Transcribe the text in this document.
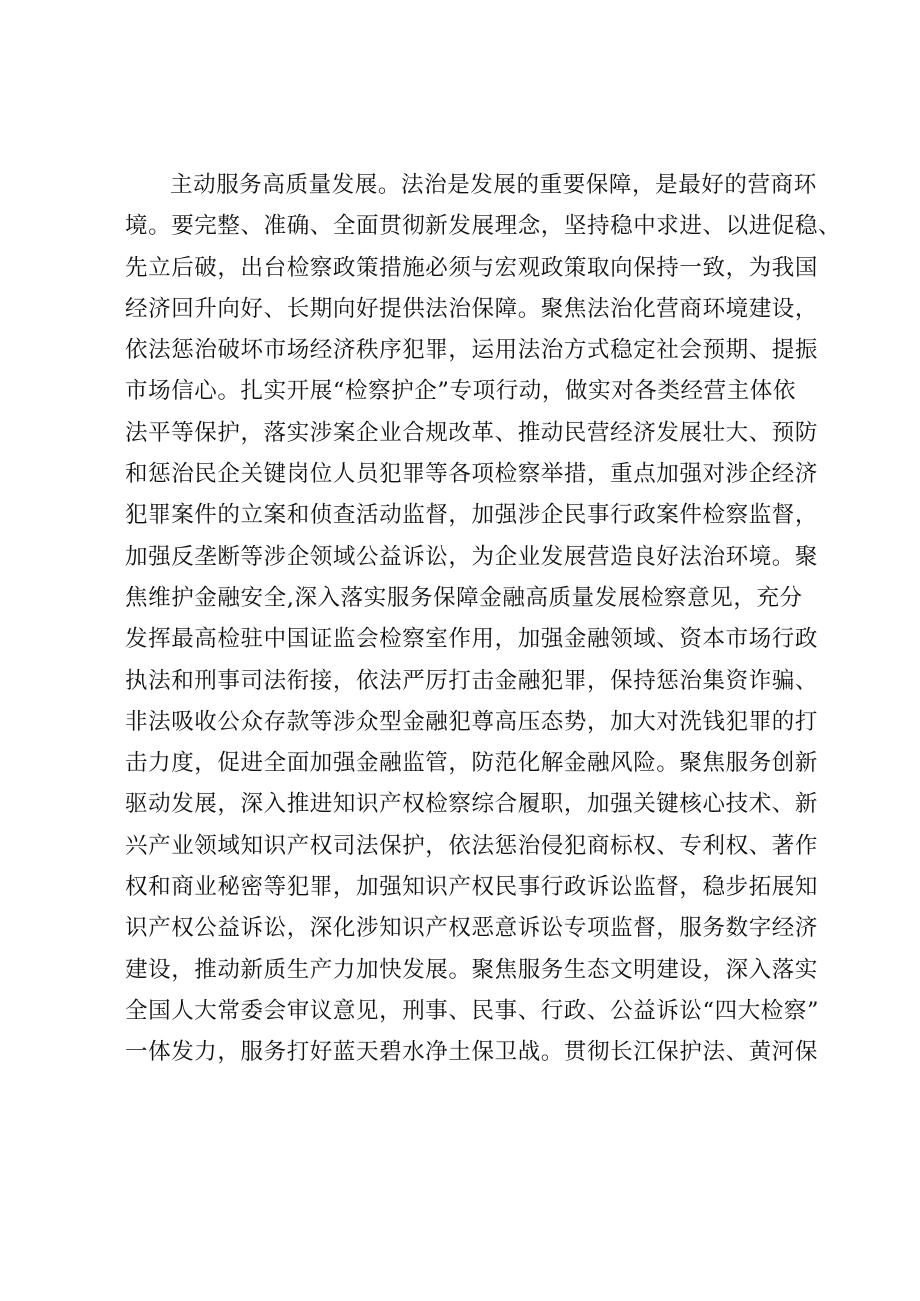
主动服务高质量发展。法治是发展的重要保障，是最好的营商环
境。要完整、准确、全面贯彻新发展理念，坚持稳中求进、以进促稳、
先立后破，出台检察政策措施必须与宏观政策取向保持一致，为我国
经济回升向好、长期向好提供法治保障。聚焦法治化营商环境建设，
依法惩治破坏市场经济秩序犯罪，运用法治方式稳定社会预期、提振
市场信心。扎实开展“检察护企”专项行动，做实对各类经营主体依
法平等保护，落实涉案企业合规改革、推动民营经济发展壮大、预防
和惩治民企关键岗位人员犯罪等各项检察举措，重点加强对涉企经济
犯罪案件的立案和侦查活动监督，加强涉企民事行政案件检察监督，
加强反垄断等涉企领域公益诉讼，为企业发展营造良好法治环境。聚
焦维护金融安全,深入落实服务保障金融高质量发展检察意见，充分
发挥最高检驻中国证监会检察室作用，加强金融领域、资本市场行政
执法和刑事司法衔接，依法严厉打击金融犯罪，保持惩治集资诈骗、
非法吸收公众存款等涉众型金融犯尊高压态势，加大对洗钱犯罪的打
击力度，促进全面加强金融监管，防范化解金融风险。聚焦服务创新
驱动发展，深入推进知识产权检察综合履职，加强关键核心技术、新
兴产业领域知识产权司法保护，依法惩治侵犯商标权、专利权、著作
权和商业秘密等犯罪，加强知识产权民事行政诉讼监督，稳步拓展知
识产权公益诉讼，深化涉知识产权恶意诉讼专项监督，服务数字经济
建设，推动新质生产力加快发展。聚焦服务生态文明建设，深入落实
全国人大常委会审议意见，刑事、民事、行政、公益诉讼“四大检察”
一体发力，服务打好蓝天碧水净土保卫战。贯彻长江保护法、黄河保
